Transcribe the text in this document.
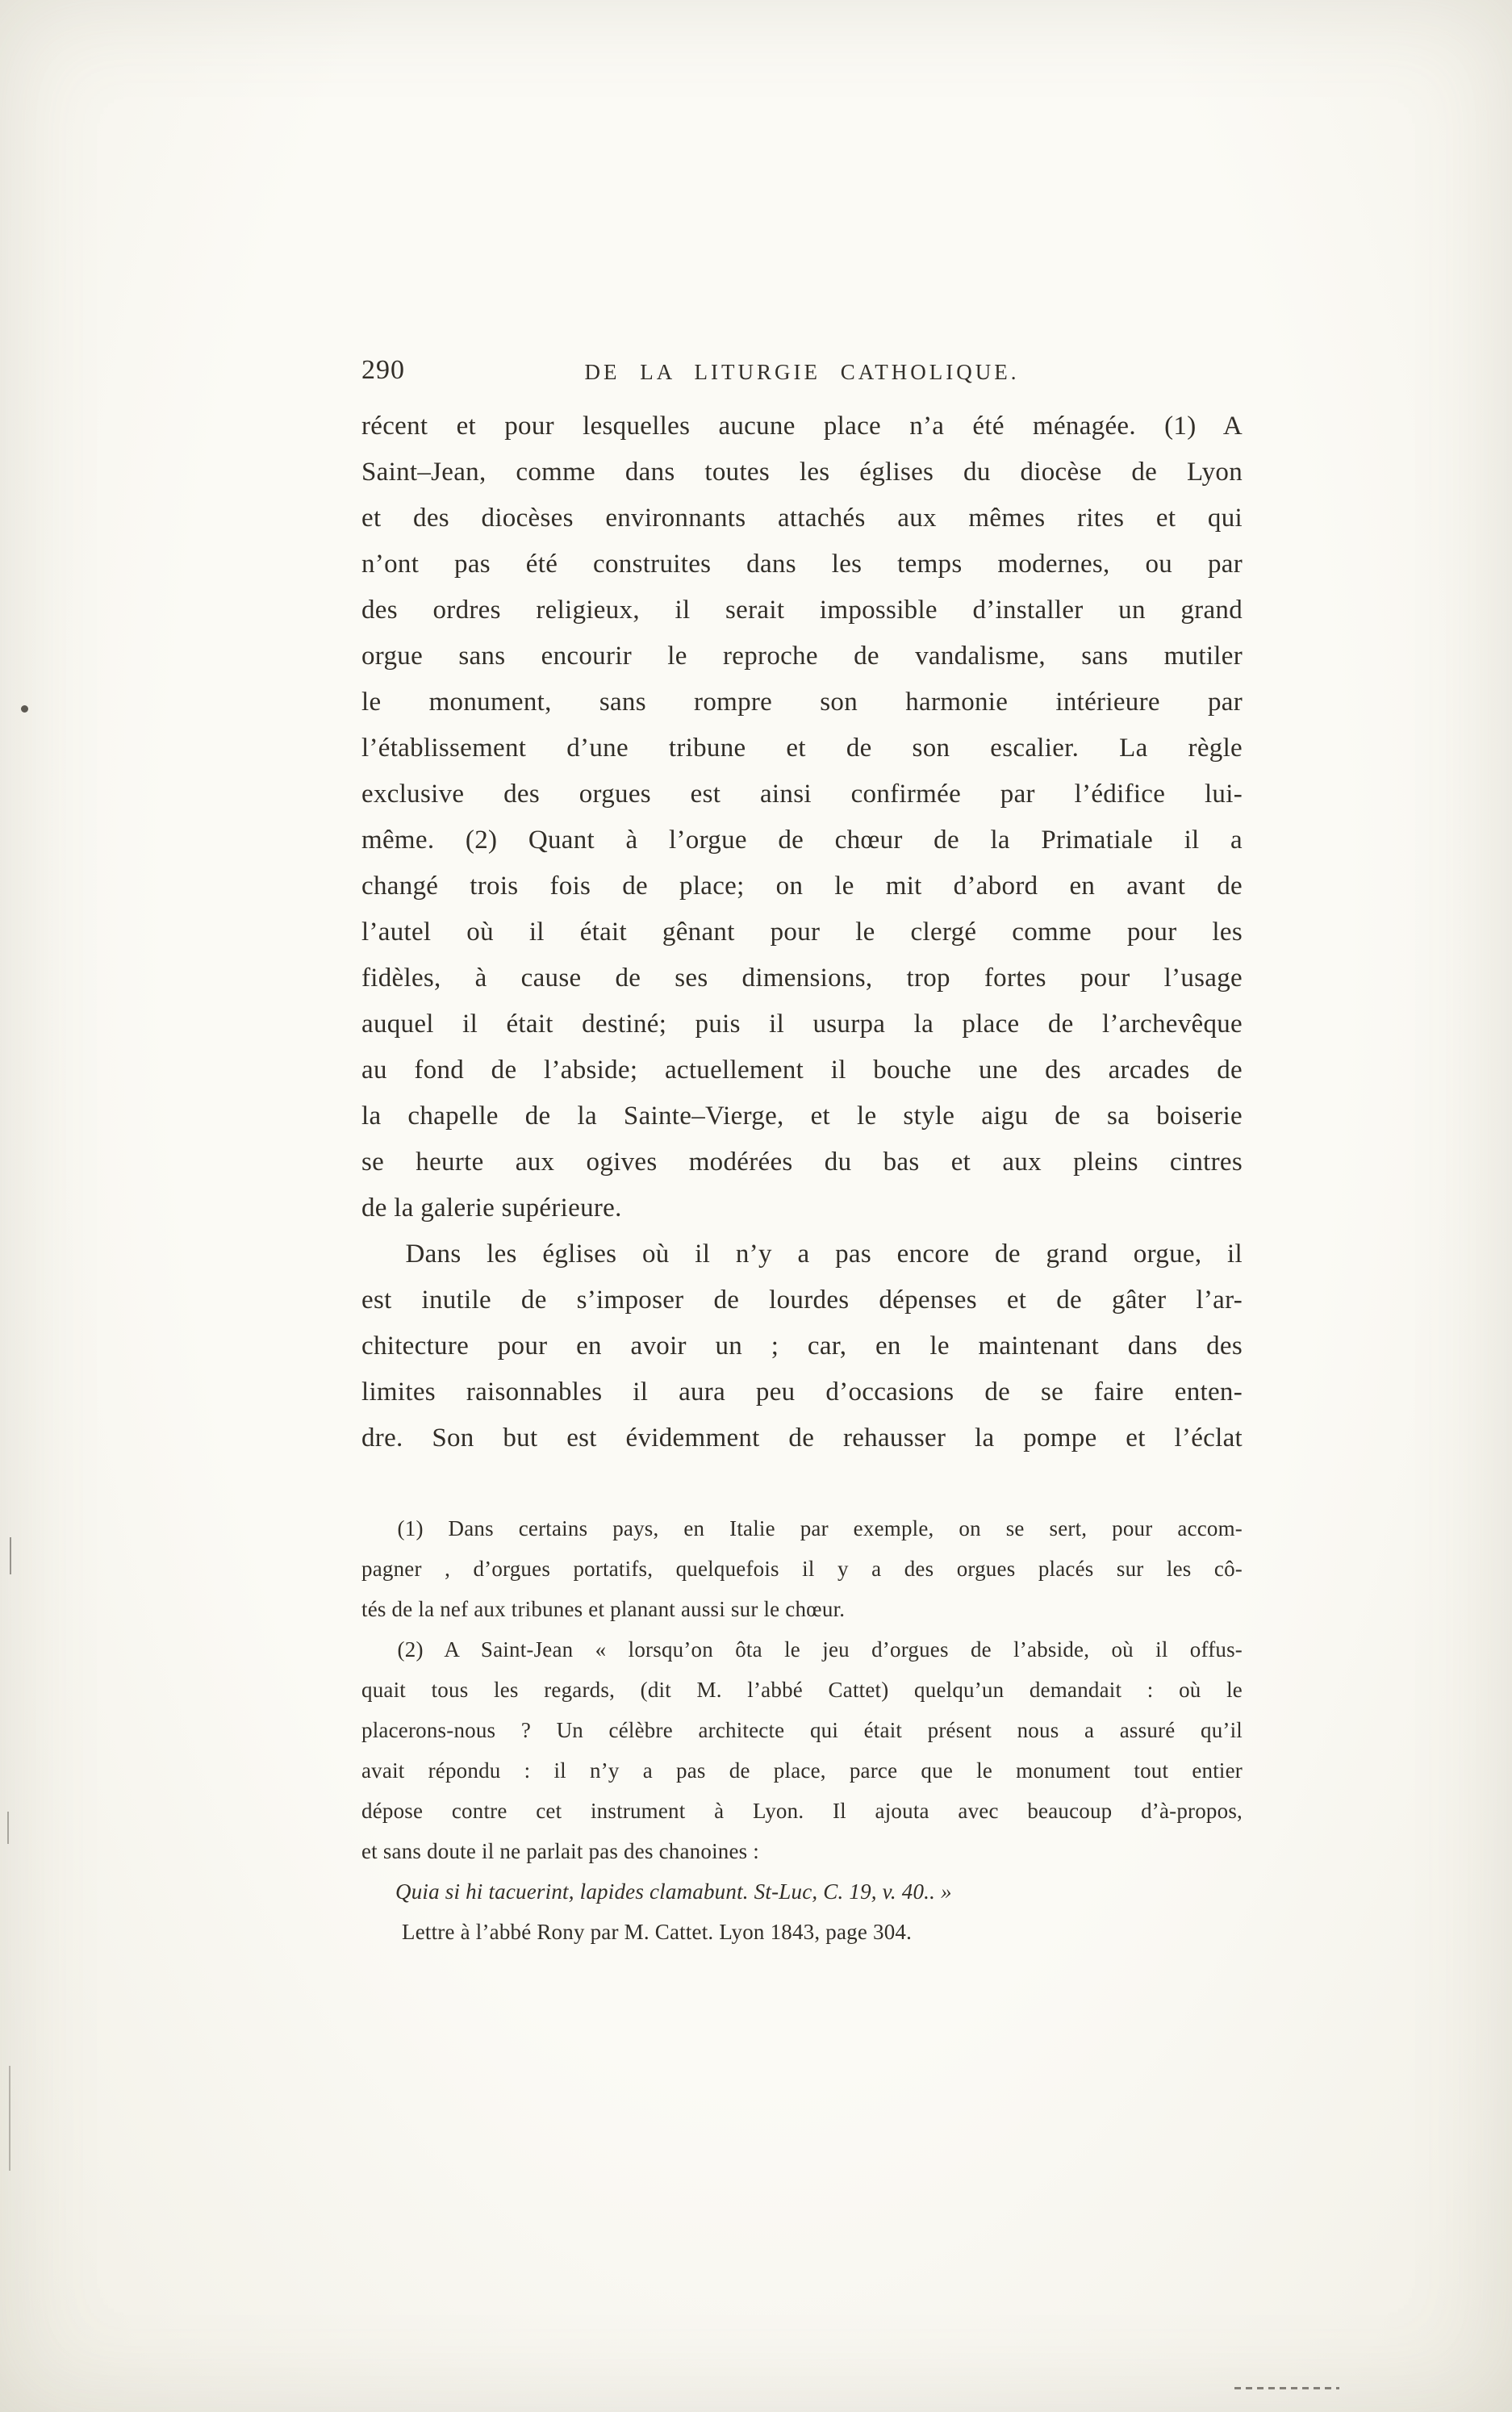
290	DE LA LITURGIE CATHOLIQUE.
récent et pour lesquelles aucune place n’a été ménagée. (1) A
Saint–Jean, comme dans toutes les églises du diocèse de Lyon
et des diocèses environnants attachés aux mêmes rites et qui
n’ont pas été construites dans les temps modernes, ou par
des ordres religieux, il serait impossible d’installer un grand
orgue sans encourir le reproche de vandalisme, sans mutiler
le monument, sans rompre son harmonie intérieure par
l’établissement d’une tribune et de son escalier. La règle
exclusive des orgues est ainsi confirmée par l’édifice lui-
même. (2) Quant à l’orgue de chœur de la Primatiale il a
changé trois fois de place; on le mit d’abord en avant de
l’autel où il était gênant pour le clergé comme pour les
fidèles, à cause de ses dimensions, trop fortes pour l’usage
auquel il était destiné; puis il usurpa la place de l’archevêque
au fond de l’abside; actuellement il bouche une des arcades de
la chapelle de la Sainte–Vierge, et le style aigu de sa boiserie
se heurte aux ogives modérées du bas et aux pleins cintres
de la galerie supérieure.
Dans les églises où il n’y a pas encore de grand orgue, il
est inutile de s’imposer de lourdes dépenses et de gâter l’ar-
chitecture pour en avoir un ; car, en le maintenant dans des
limites raisonnables il aura peu d’occasions de se faire enten-
dre. Son but est évidemment de rehausser la pompe et l’éclat
(1) Dans certains pays, en Italie par exemple, on se sert, pour accom-
pagner , d’orgues portatifs, quelquefois il y a des orgues placés sur les cô-
tés de la nef aux tribunes et planant aussi sur le chœur.
(2) A Saint-Jean « lorsqu’on ôta le jeu d’orgues de l’abside, où il offus-
quait tous les regards, (dit M. l’abbé Cattet) quelqu’un demandait : où le
placerons-nous ? Un célèbre architecte qui était présent nous a assuré qu’il
avait répondu : il n’y a pas de place, parce que le monument tout entier
dépose contre cet instrument à Lyon. Il ajouta avec beaucoup d’à-propos,
et sans doute il ne parlait pas des chanoines :
Quia si hi tacuerint, lapides clamabunt. St-Luc, C. 19, v. 40.. »
Lettre à l’abbé Rony par M. Cattet. Lyon 1843, page 304.
